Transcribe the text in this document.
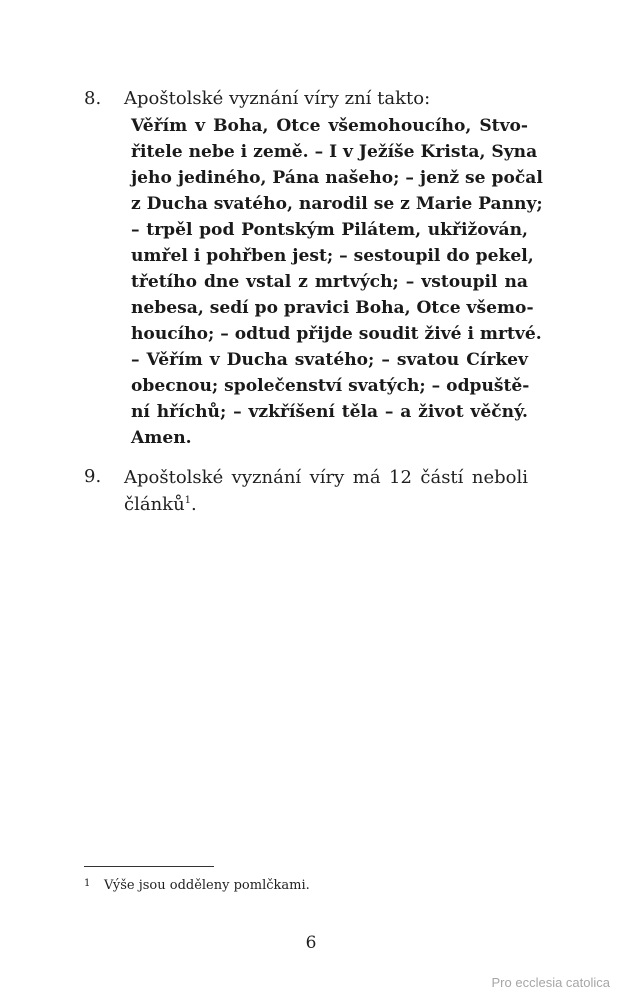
8. Apoštolské vyznání víry zní takto:
Věřím v Boha, Otce všemohoucího, Stvo-
řitele nebe i země. – I v Ježíše Krista, Syna
jeho jediného, Pána našeho; – jenž se počal
z Ducha svatého, narodil se z Marie Panny;
– trpěl pod Pontským Pilátem, ukřižován,
umřel i pohřben jest; – sestoupil do pekel,
třetího dne vstal z mrtvých; – vstoupil na
nebesa, sedí po pravici Boha, Otce všemo-
houcího; – odtud přijde soudit živé i mrtvé.
– Věřím v Ducha svatého; – svatou Církev
obecnou; společenství svatých; – odpuště-
ní hříchů; – vzkříšení těla – a život věčný.
Amen.
9. Apoštolské vyznání víry má 12 částí neboli
článků$^1$.
1 Výše jsou odděleny pomlčkami.
6
Pro ecclesia catolica
